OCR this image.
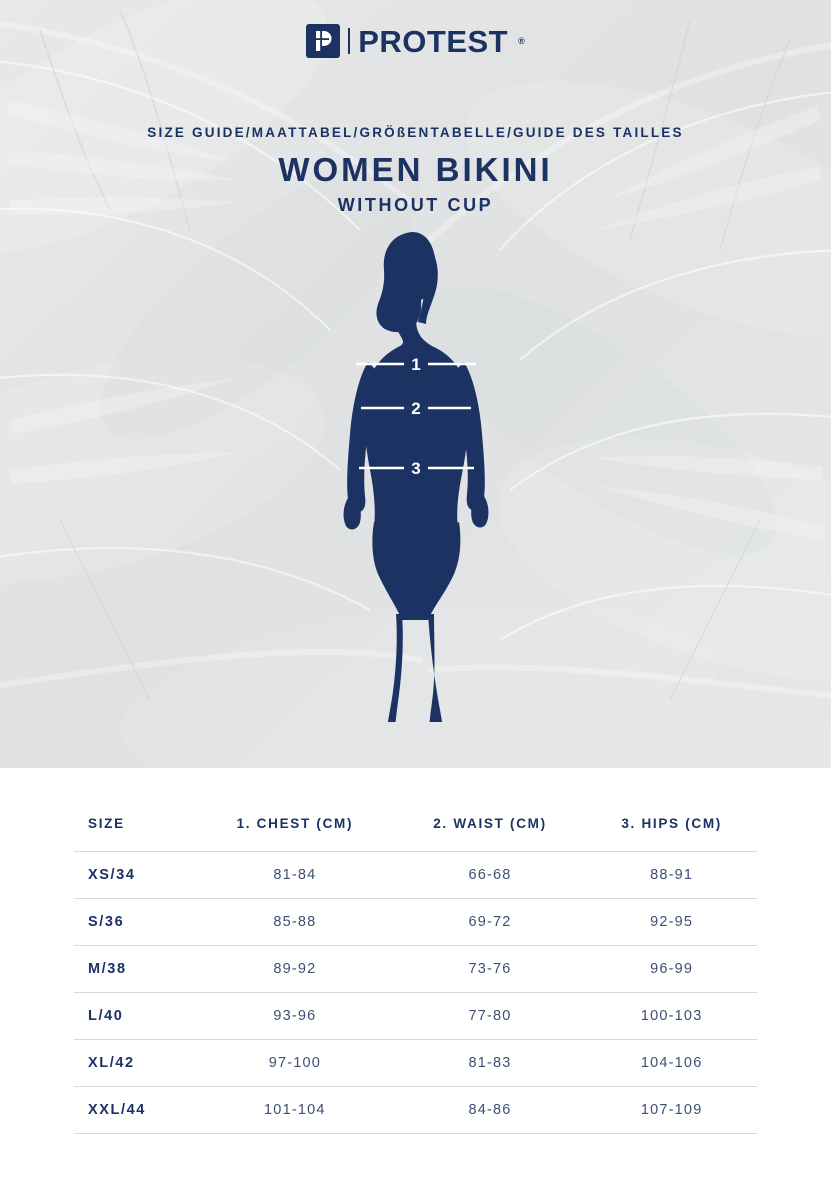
PROTEST ®
SIZE GUIDE/MAATTABEL/GRÖßENTABELLE/GUIDE DES TAILLES
WOMEN BIKINI
WITHOUT CUP
1
2
3
SIZE	1. CHEST (CM)	2. WAIST (CM)	3. HIPS (CM)
XS/34	81-84	66-68	88-91
S/36	85-88	69-72	92-95
M/38	89-92	73-76	96-99
L/40	93-96	77-80	100-103
XL/42	97-100	81-83	104-106
XXL/44	101-104	84-86	107-109
